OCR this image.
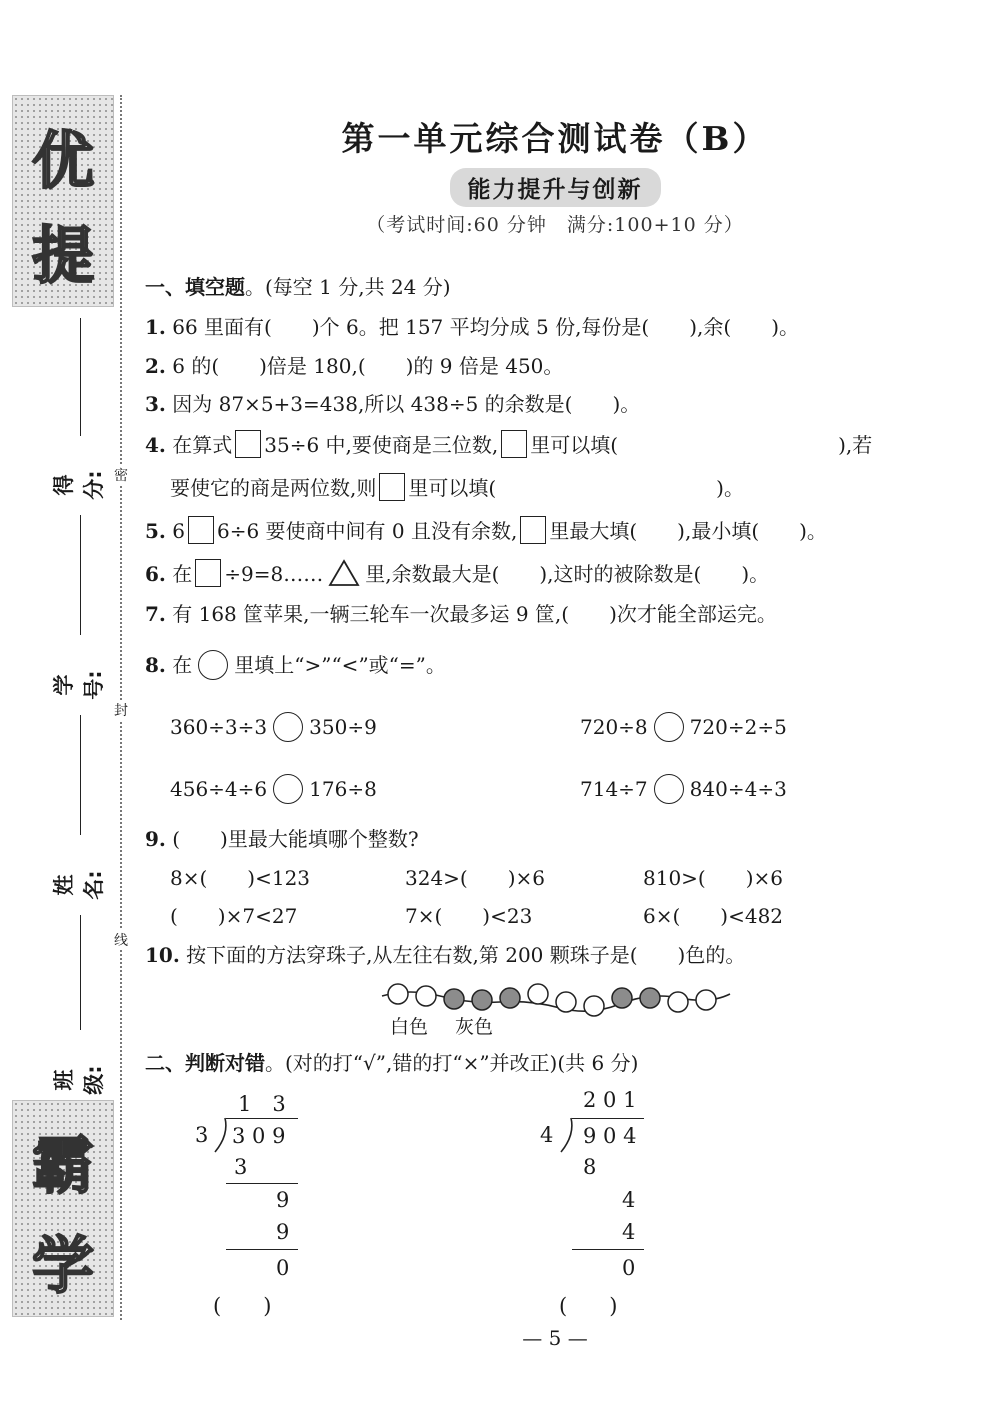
优
提
霸
学
得分:
学号:
姓名:
班级:
密
封
线
第一单元综合测试卷（B）
能力提升与创新
（考试时间:60 分钟　满分:100+10 分）
一、填空题。(每空 1 分,共 24 分)
1. 66 里面有(　　)个 6。把 157 平均分成 5 份,每份是(　　),余(　　)。
2. 6 的(　　)倍是 180,(　　)的 9 倍是 450。
3. 因为 87×5+3=438,所以 438÷5 的余数是(　　)。
4. 在算式 35÷6 中,要使商是三位数, 里可以填(　　　　　　　　　　　),若
要使它的商是两位数,则 里可以填(　　　　　　　　　　　)。
5. 6 6÷6 要使商中间有 0 且没有余数, 里最大填(　　),最小填(　　)。
6. 在 ÷9=8…… 里,余数最大是(　　),这时的被除数是(　　)。
7. 有 168 筐苹果,一辆三轮车一次最多运 9 筐,(　　)次才能全部运完。
8. 在 里填上“>”“<”或“=”。
360÷3÷3 350÷9	720÷8 720÷2÷5
456÷4÷6 176÷8	714÷7 840÷4÷3
9. (　　)里最大能填哪个整数?
8×(　　)<123	324>(　　)×6	810>(　　)×6
(　　)×7<27	7×(　　)<23	6×(　　)<482
10. 按下面的方法穿珠子,从左往右数,第 200 颗珠子是(　　)色的。
白色 灰色
二、判断对错。(对的打“√”,错的打“×”并改正)(共 6 分)
1　3
3 3 0 9
3
9
9
0
(　　)
2 0 1
4 9 0 4
8
4
4
0
(　　)
— 5 —
